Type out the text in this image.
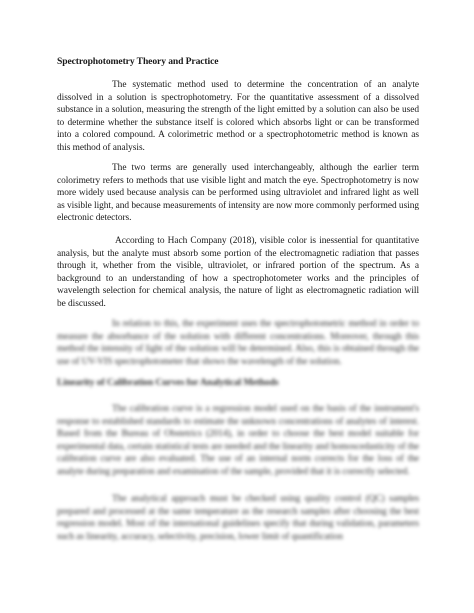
Spectrophotometry Theory and Practice
The systematic method used to determine the concentration of an analyte dissolved in a solution is spectrophotometry. For the quantitative assessment of a dissolved substance in a solution, measuring the strength of the light emitted by a solution can also be used to determine whether the substance itself is colored which absorbs light or can be transformed into a colored compound. A colorimetric method or a spectrophotometric method is known as this method of analysis.
The two terms are generally used interchangeably, although the earlier term colorimetry refers to methods that use visible light and match the eye. Spectrophotometry is now more widely used because analysis can be performed using ultraviolet and infrared light as well as visible light, and because measurements of intensity are now more commonly performed using electronic detectors.
According to Hach Company (2018), visible color is inessential for quantitative analysis, but the analyte must absorb some portion of the electromagnetic radiation that passes through it, whether from the visible, ultraviolet, or infrared portion of the spectrum. As a background to an understanding of how a spectrophotometer works and the principles of wavelength selection for chemical analysis, the nature of light as electromagnetic radiation will be discussed.
In relation to this, the experiment uses the spectrophotometric method in order to measure the absorbance of the solution with different concentrations. Moreover, through this method the intensity of light of the solution will be determined. Also, this is obtained through the use of UV-VIS spectrophotometer that shows the wavelength of the solution.
Linearity of Calibration Curves for Analytical Methods
The calibration curve is a regression model used on the basis of the instrument's response to established standards to estimate the unknown concentrations of analytes of interest. Based from the Bureau of Obstetrics (2014), in order to choose the best model suitable for experimental data, certain statistical tests are needed and the linearity and homoscedasticity of the calibration curve are also evaluated. The use of an internal norm corrects for the loss of the analyte during preparation and examination of the sample, provided that it is correctly selected.
The analytical approach must be checked using quality control (QC) samples prepared and processed at the same temperature as the research samples after choosing the best regression model. Most of the international guidelines specify that during validation, parameters such as linearity, accuracy, selectivity, precision, lower limit of quantification
